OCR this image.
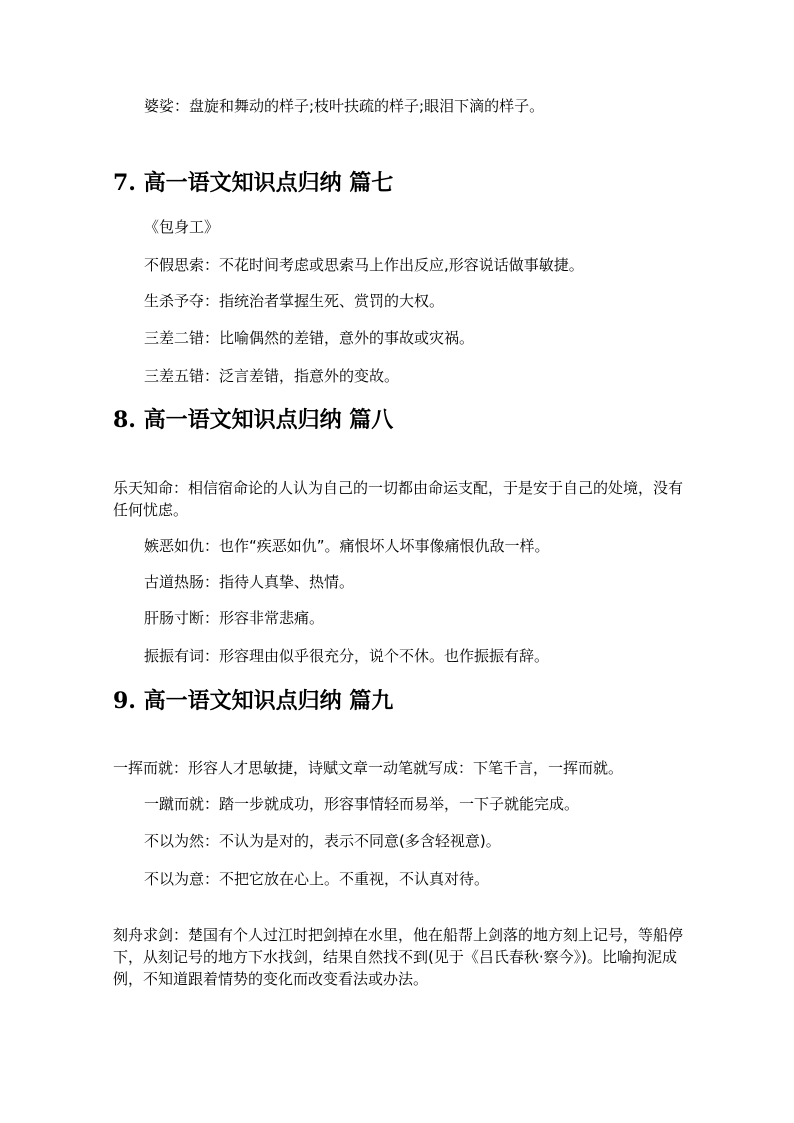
婆娑：盘旋和舞动的样子;枝叶扶疏的样子;眼泪下滴的样子。
7. 高一语文知识点归纳 篇七
《包身工》
不假思索：不花时间考虑或思索马上作出反应,形容说话做事敏捷。
生杀予夺：指统治者掌握生死、赏罚的大权。
三差二错：比喻偶然的差错，意外的事故或灾祸。
三差五错：泛言差错，指意外的变故。
8. 高一语文知识点归纳 篇八
乐天知命：相信宿命论的人认为自己的一切都由命运支配，于是安于自己的处境，没有任何忧虑。
嫉恶如仇：也作“疾恶如仇”。痛恨坏人坏事像痛恨仇敌一样。
古道热肠：指待人真挚、热情。
肝肠寸断：形容非常悲痛。
振振有词：形容理由似乎很充分，说个不休。也作振振有辞。
9. 高一语文知识点归纳 篇九
一挥而就：形容人才思敏捷，诗赋文章一动笔就写成：下笔千言，一挥而就。
一蹴而就：踏一步就成功，形容事情轻而易举，一下子就能完成。
不以为然：不认为是对的，表示不同意(多含轻视意)。
不以为意：不把它放在心上。不重视，不认真对待。
刻舟求剑：楚国有个人过江时把剑掉在水里，他在船帮上剑落的地方刻上记号，等船停下，从刻记号的地方下水找剑，结果自然找不到(见于《吕氏春秋·察今》)。比喻拘泥成例，不知道跟着情势的变化而改变看法或办法。
